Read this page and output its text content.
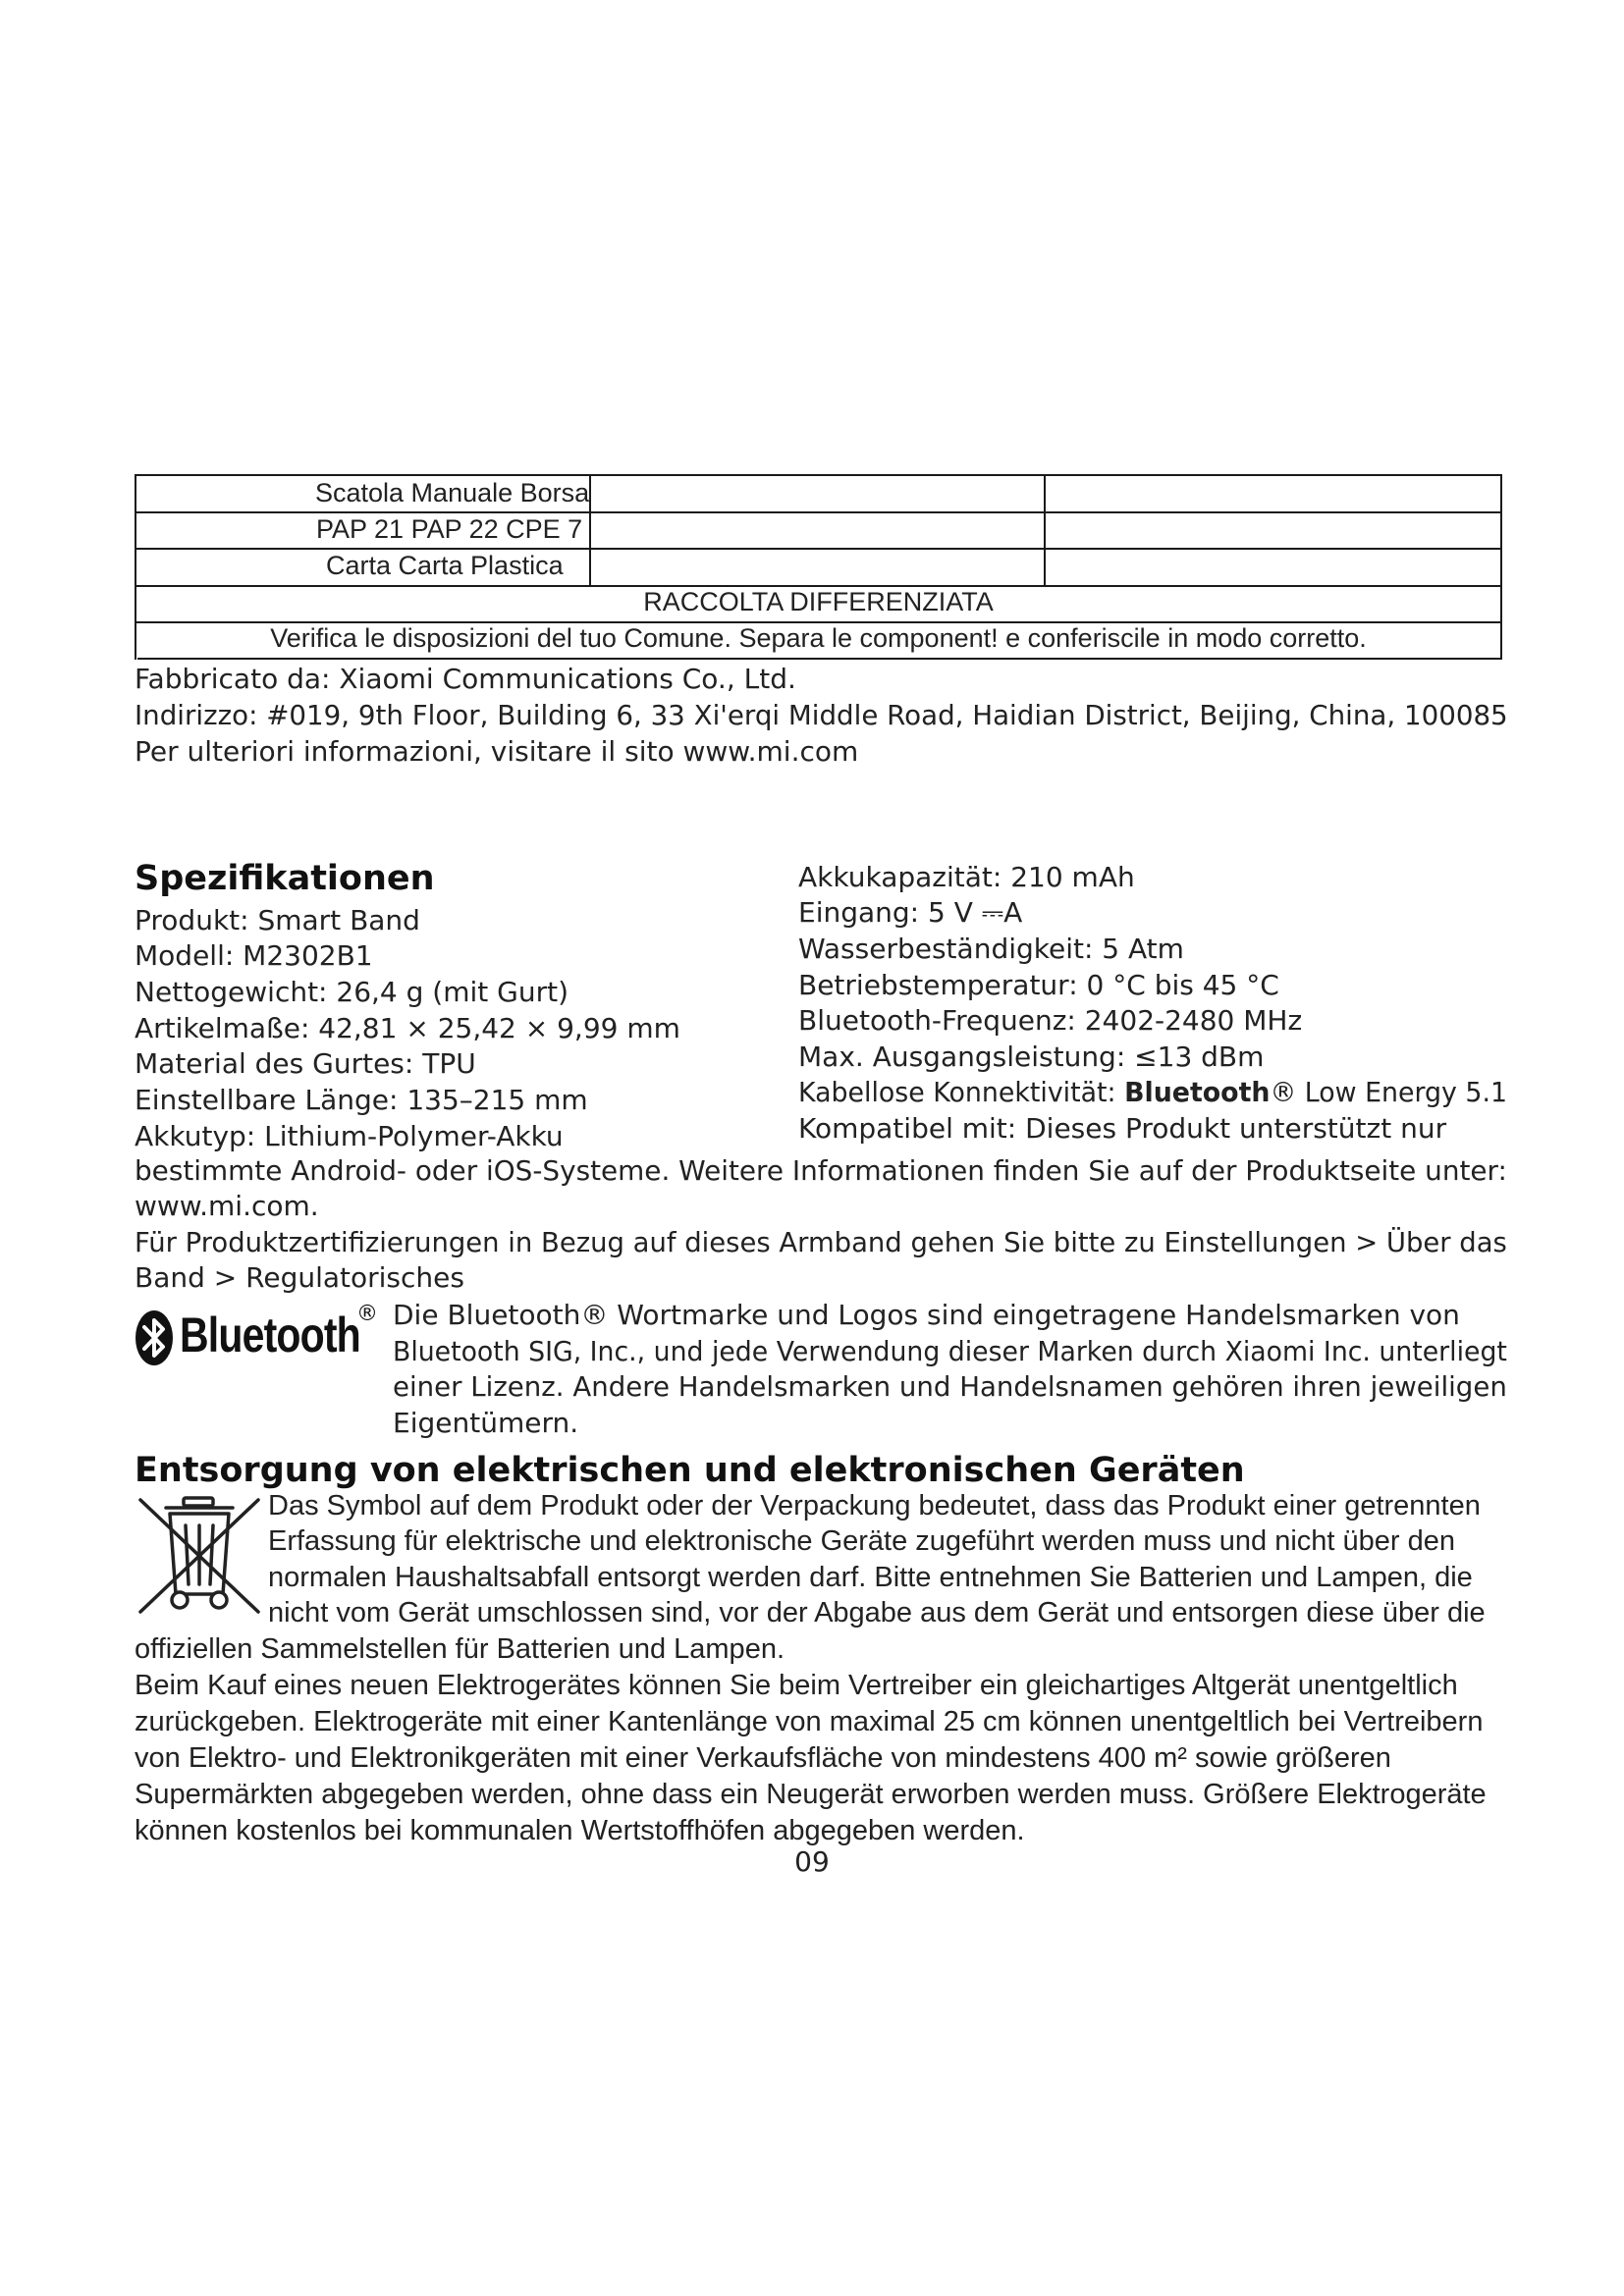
Scatola Manuale Borsa
PAP 21 PAP 22 CPE 7
Carta Carta Plastica
RACCOLTA DIFFERENZIATA
Verifica le disposizioni del tuo Comune. Separa le component! e conferiscile in modo corretto.
Fabbricato da: Xiaomi Communications Co., Ltd.
Indirizzo: #019, 9th Floor, Building 6, 33 Xi'erqi Middle Road, Haidian District, Beijing, China, 100085
Per ulteriori informazioni, visitare il sito www.mi.com
Spezifikationen
Produkt: Smart Band
Modell: M2302B1
Nettogewicht: 26,4 g (mit Gurt)
Artikelmaße: 42,81 × 25,42 × 9,99 mm
Material des Gurtes: TPU
Einstellbare Länge: 135–215 mm
Akkutyp: Lithium-Polymer-Akku
Akkukapazität: 210 mAh
Eingang: 5 V ⎓A
Wasserbeständigkeit: 5 Atm
Betriebstemperatur: 0 °C bis 45 °C
Bluetooth-Frequenz: 2402-2480 MHz
Max. Ausgangsleistung: ≤13 dBm
Kabellose Konnektivität: Bluetooth® Low Energy 5.1
Kompatibel mit: Dieses Produkt unterstützt nur
bestimmte Android- oder iOS-Systeme. Weitere Informationen finden Sie auf der Produktseite unter:
www.mi.com.
Für Produktzertifizierungen in Bezug auf dieses Armband gehen Sie bitte zu Einstellungen > Über das
Band > Regulatorisches
Bluetooth
® Die Bluetooth® Wortmarke und Logos sind eingetragene Handelsmarken von
Bluetooth SIG, Inc., und jede Verwendung dieser Marken durch Xiaomi Inc. unterliegt
einer Lizenz. Andere Handelsmarken und Handelsnamen gehören ihren jeweiligen
Eigentümern.
Entsorgung von elektrischen und elektronischen Geräten
Das Symbol auf dem Produkt oder der Verpackung bedeutet, dass das Produkt einer getrennten
Erfassung für elektrische und elektronische Geräte zugeführt werden muss und nicht über den
normalen Haushaltsabfall entsorgt werden darf. Bitte entnehmen Sie Batterien und Lampen, die
nicht vom Gerät umschlossen sind, vor der Abgabe aus dem Gerät und entsorgen diese über die
offiziellen Sammelstellen für Batterien und Lampen.
Beim Kauf eines neuen Elektrogerätes können Sie beim Vertreiber ein gleichartiges Altgerät unentgeltlich
zurückgeben. Elektrogeräte mit einer Kantenlänge von maximal 25 cm können unentgeltlich bei Vertreibern
von Elektro- und Elektronikgeräten mit einer Verkaufsfläche von mindestens 400 m² sowie größeren
Supermärkten abgegeben werden, ohne dass ein Neugerät erworben werden muss. Größere Elektrogeräte
können kostenlos bei kommunalen Wertstoffhöfen abgegeben werden.
09
